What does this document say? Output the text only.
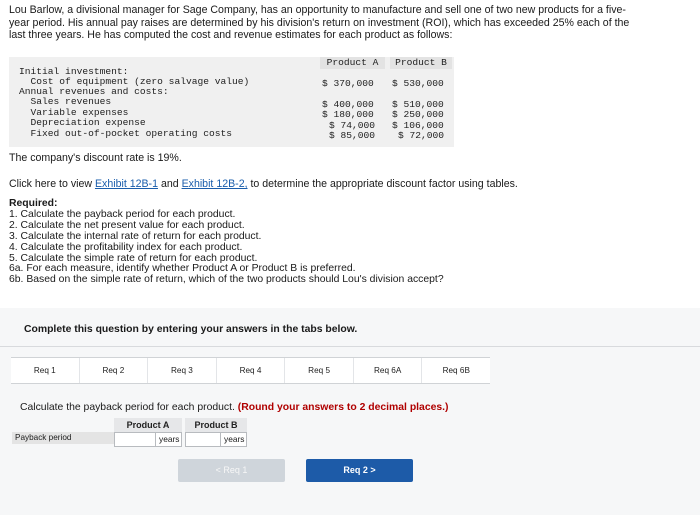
Lou Barlow, a divisional manager for Sage Company, has an opportunity to manufacture and sell one of two new products for a five-
year period. His annual pay raises are determined by his division's return on investment (ROI), which has exceeded 25% each of the
last three years. He has computed the cost and revenue estimates for each product as follows:
Product A	Product B
Initial investment:
Cost of equipment (zero salvage value)	$ 370,000 $ 530,000
Annual revenues and costs:
Sales revenues	$ 400,000 $ 510,000
Variable expenses	$ 180,000 $ 250,000
Depreciation expense	$ 74,000 $ 106,000
Fixed out-of-pocket operating costs	$ 85,000 $ 72,000
The company's discount rate is 19%.
Click here to view Exhibit 12B-1 and Exhibit 12B-2, to determine the appropriate discount factor using tables.
Required:
1. Calculate the payback period for each product.
2. Calculate the net present value for each product.
3. Calculate the internal rate of return for each product.
4. Calculate the profitability index for each product.
5. Calculate the simple rate of return for each product.
6a. For each measure, identify whether Product A or Product B is preferred.
6b. Based on the simple rate of return, which of the two products should Lou's division accept?
Complete this question by entering your answers in the tabs below.
Req 1	Req 2	Req 3	Req 4	Req 5	Req 6A	Req 6B
Calculate the payback period for each product. (Round your answers to 2 decimal places.)
Product A	Product B
Payback period	years	years
< Req 1	Req 2 >
